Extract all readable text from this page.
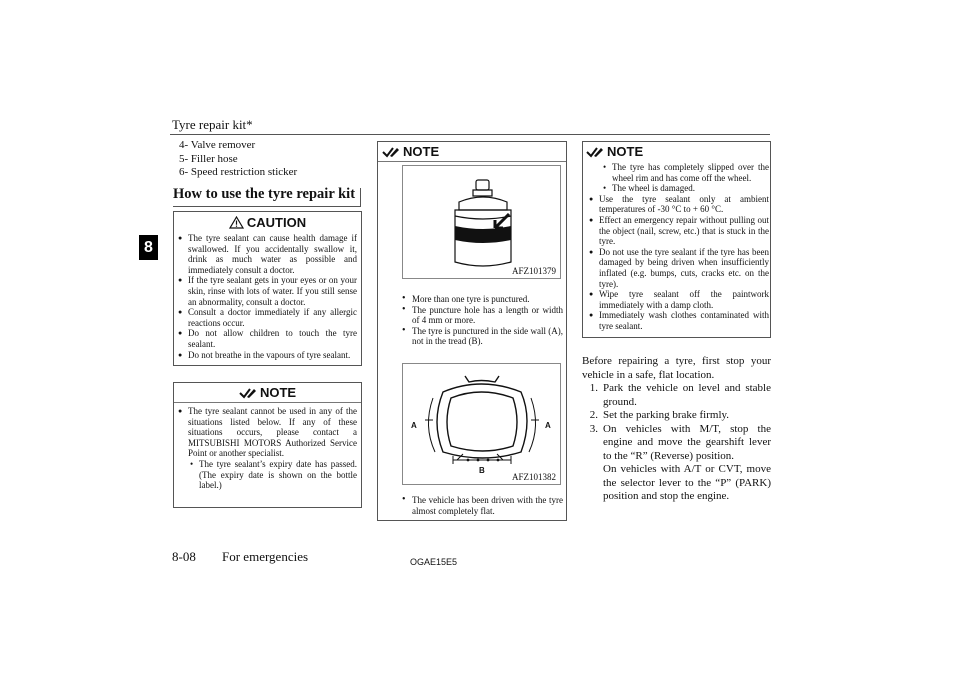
Tyre repair kit*
8
4- Valve remover
5- Filler hose
6- Speed restriction sticker
How to use the tyre repair kit
CAUTION
● The tyre sealant can cause health damage if swallowed. If you accidentally swallow it, drink as much water as possible and immediately consult a doctor.
● If the tyre sealant gets in your eyes or on your skin, rinse with lots of water. If you still sense an abnormality, consult a doctor.
● Consult a doctor immediately if any allergic reactions occur.
● Do not allow children to touch the tyre sealant.
● Do not breathe in the vapours of tyre sealant.
NOTE
● The tyre sealant cannot be used in any of the situations listed below. If any of these situations occurs, please contact a MITSUBISHI MOTORS Authorized Service Point or another specialist.
• The tyre sealant’s expiry date has passed. (The expiry date is shown on the bottle label.)
NOTE
AFZ101379
• More than one tyre is punctured.
• The puncture hole has a length or width of 4 mm or more.
• The tyre is punctured in the side wall (A), not in the tread (B).
A	A
B
AFZ101382
• The vehicle has been driven with the tyre almost completely flat.
NOTE
• The tyre has completely slipped over the wheel rim and has come off the wheel.
• The wheel is damaged.
● Use the tyre sealant only at ambient temperatures of -30 °C to + 60 °C.
● Effect an emergency repair without pulling out the object (nail, screw, etc.) that is stuck in the tyre.
● Do not use the tyre sealant if the tyre has been damaged by being driven when insufficiently inflated (e.g. bumps, cuts, cracks etc. on the tyre).
● Wipe tyre sealant off the paintwork immediately with a damp cloth.
● Immediately wash clothes contaminated with tyre sealant.
Before repairing a tyre, first stop your vehicle in a safe, flat location.
1. Park the vehicle on level and stable ground.
2. Set the parking brake firmly.
3. On vehicles with M/T, stop the engine and move the gearshift lever to the “R” (Reverse) position.
On vehicles with A/T or CVT, move the selector lever to the “P” (PARK) position and stop the engine.
8-08 For emergencies	OGAE15E5
